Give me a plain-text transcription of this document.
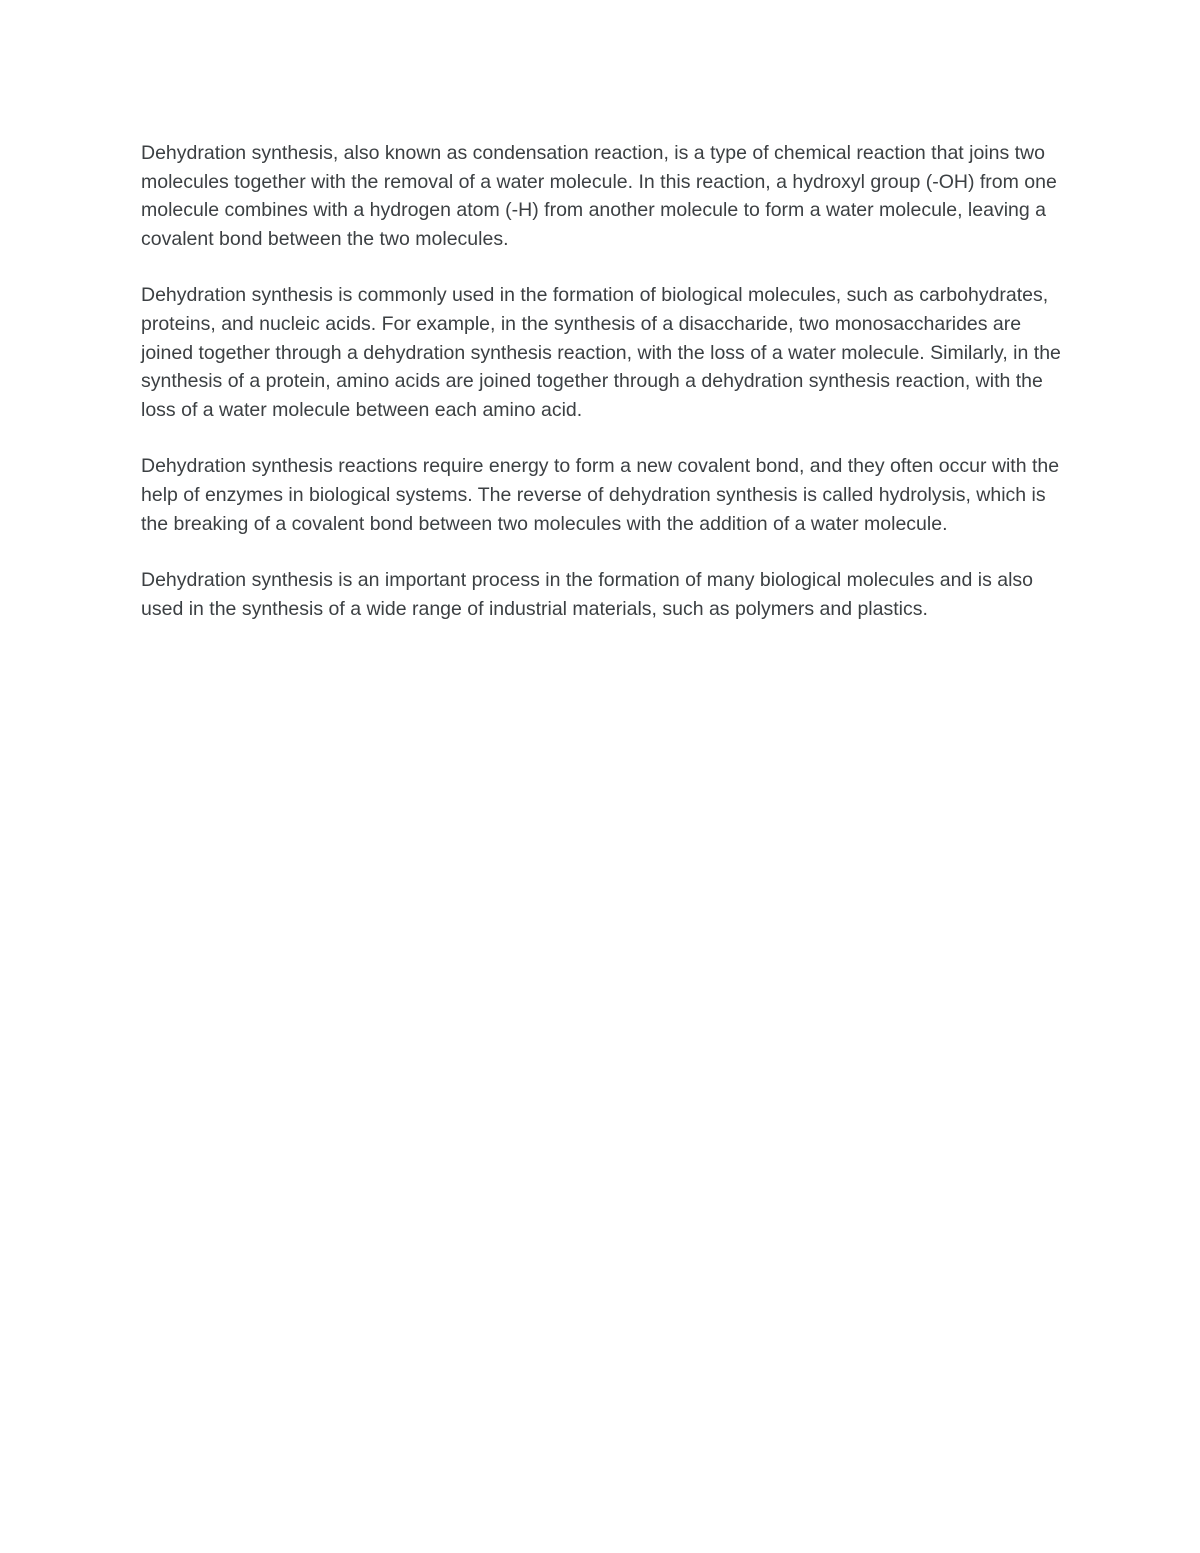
Dehydration synthesis, also known as condensation reaction, is a type of chemical reaction that joins two molecules together with the removal of a water molecule. In this reaction, a hydroxyl group (-OH) from one molecule combines with a hydrogen atom (-H) from another molecule to form a water molecule, leaving a covalent bond between the two molecules.

Dehydration synthesis is commonly used in the formation of biological molecules, such as carbohydrates, proteins, and nucleic acids. For example, in the synthesis of a disaccharide, two monosaccharides are joined together through a dehydration synthesis reaction, with the loss of a water molecule. Similarly, in the synthesis of a protein, amino acids are joined together through a dehydration synthesis reaction, with the loss of a water molecule between each amino acid.

Dehydration synthesis reactions require energy to form a new covalent bond, and they often occur with the help of enzymes in biological systems. The reverse of dehydration synthesis is called hydrolysis, which is the breaking of a covalent bond between two molecules with the addition of a water molecule.

Dehydration synthesis is an important process in the formation of many biological molecules and is also used in the synthesis of a wide range of industrial materials, such as polymers and plastics.
